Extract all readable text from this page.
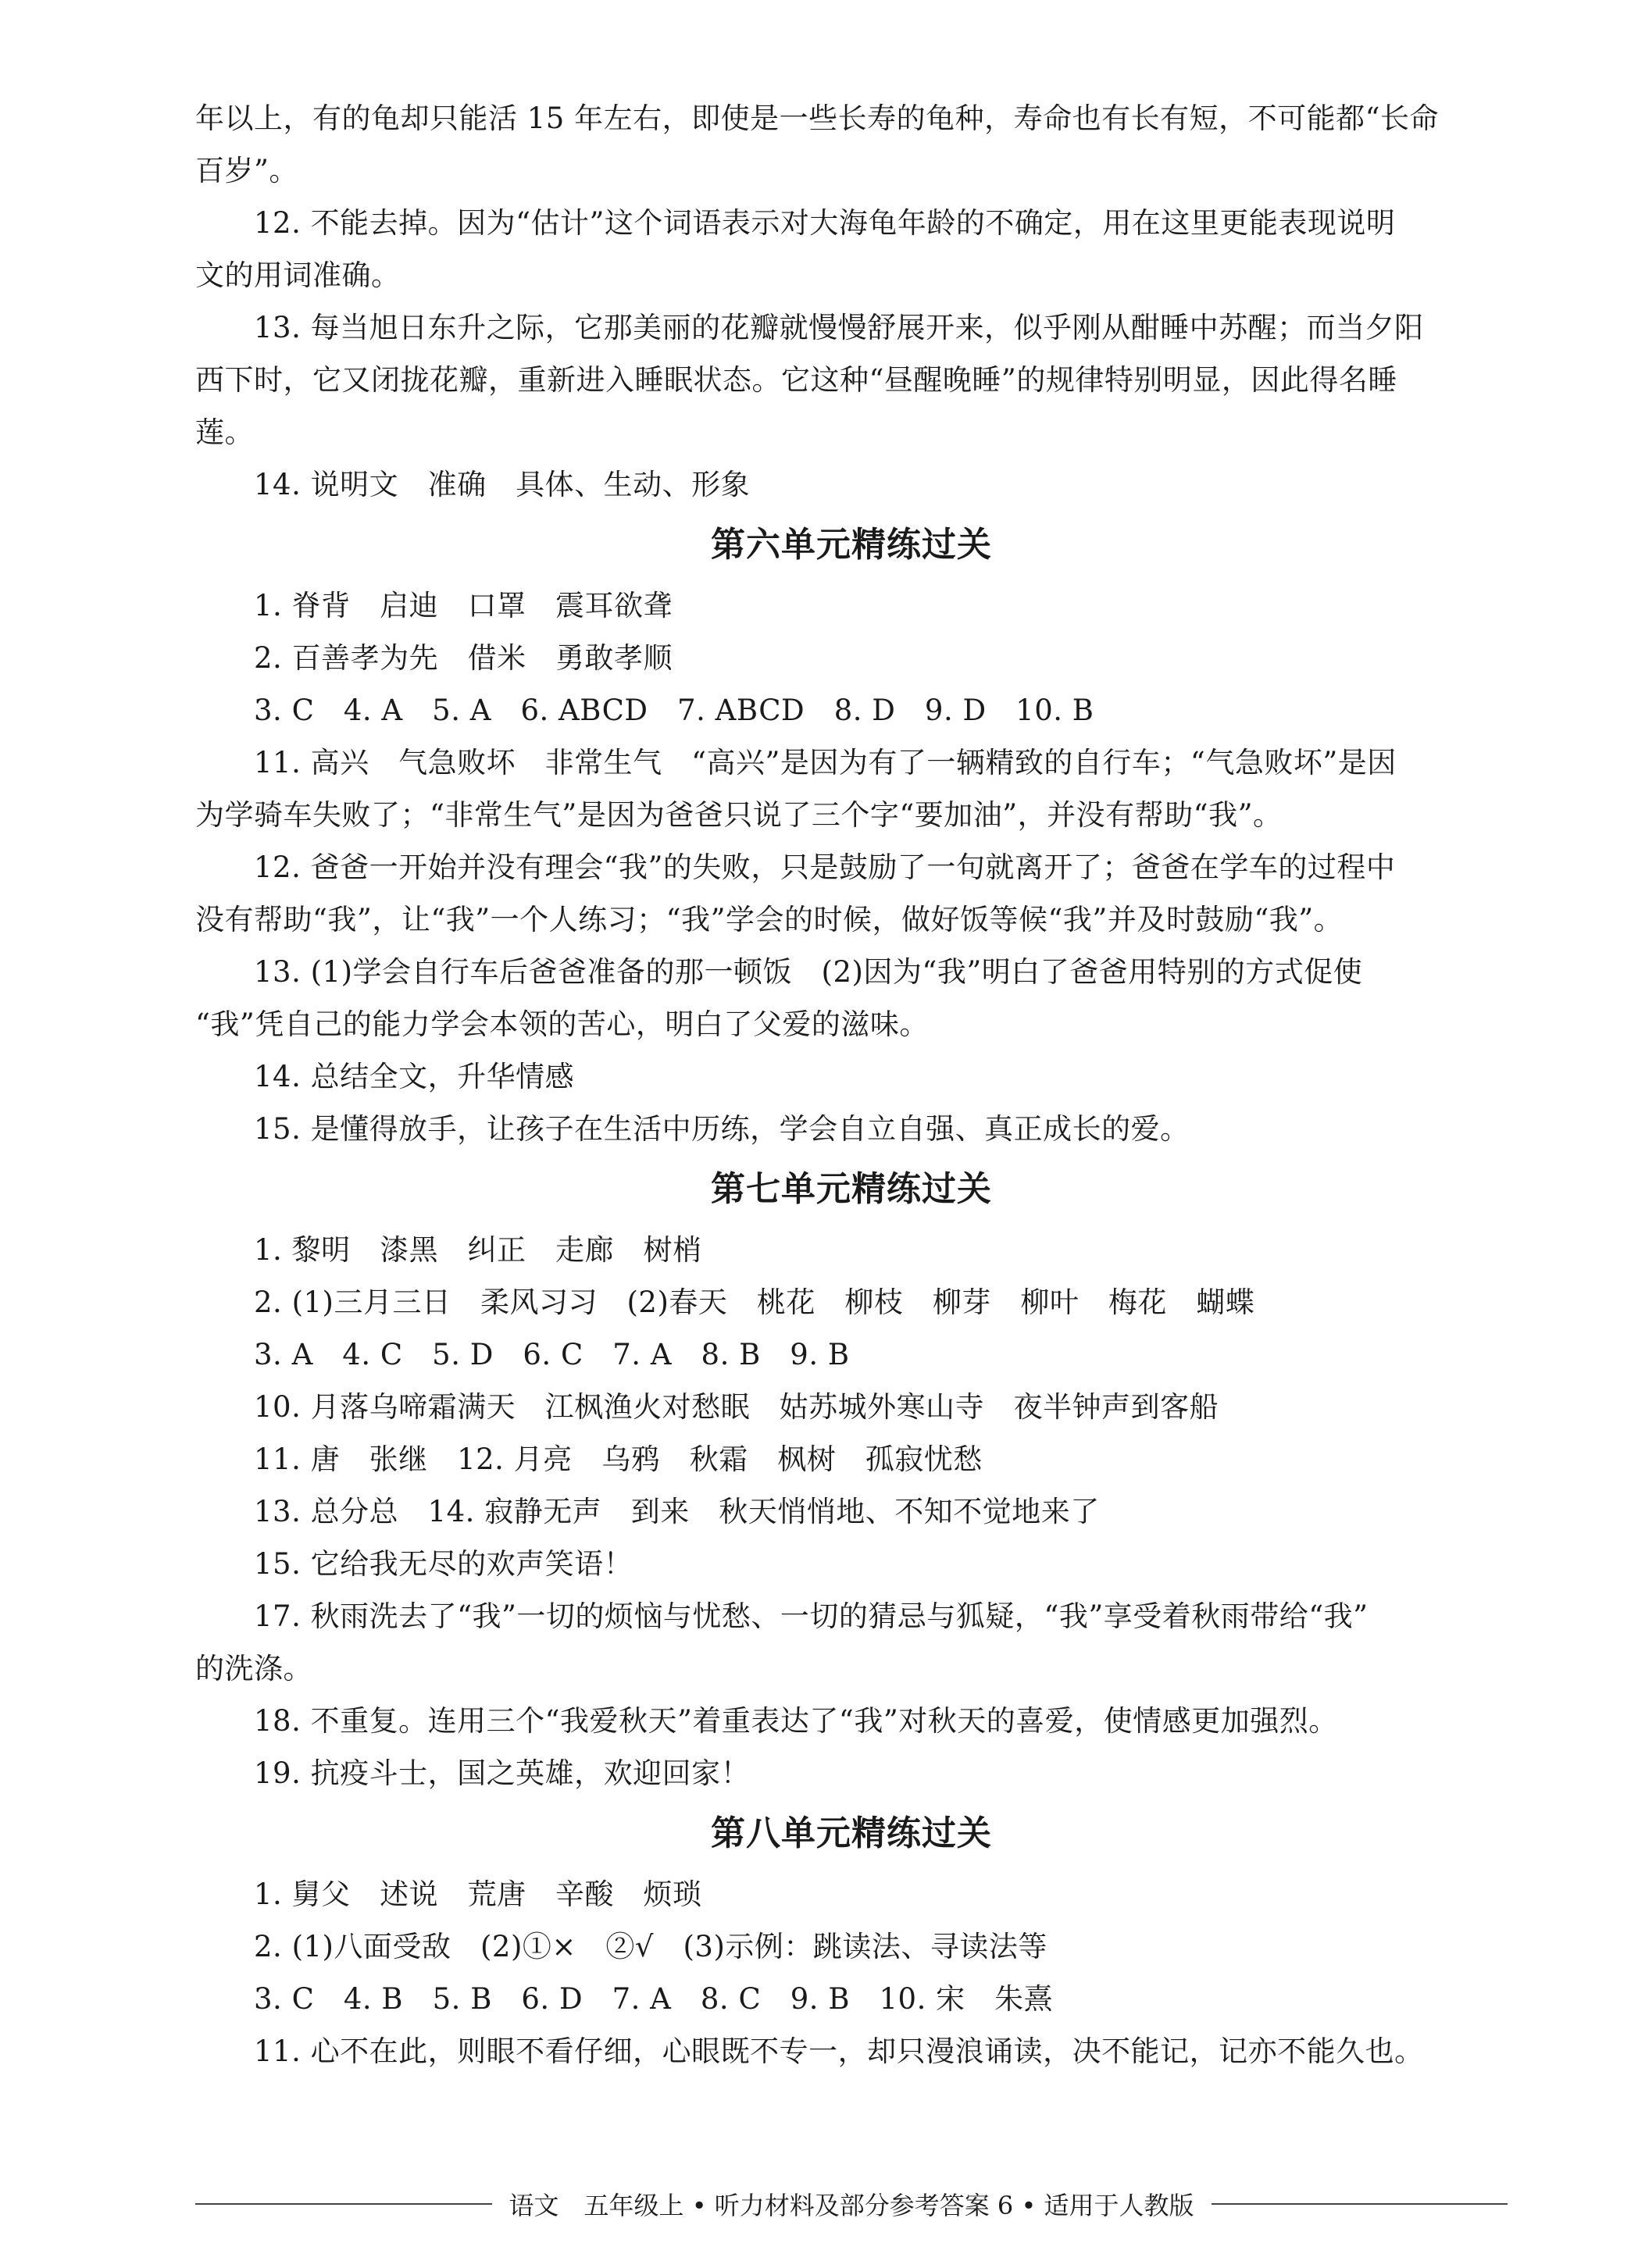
年以上，有的龟却只能活 15 年左右，即使是一些长寿的龟种，寿命也有长有短，不可能都“长命
百岁”。
12. 不能去掉。因为“估计”这个词语表示对大海龟年龄的不确定，用在这里更能表现说明
文的用词准确。
13. 每当旭日东升之际，它那美丽的花瓣就慢慢舒展开来，似乎刚从酣睡中苏醒；而当夕阳
西下时，它又闭拢花瓣，重新进入睡眠状态。它这种“昼醒晚睡”的规律特别明显，因此得名睡
莲。
14. 说明文　准确　具体、生动、形象
第六单元精练过关
1. 脊背　启迪　口罩　震耳欲聋
2. 百善孝为先　借米　勇敢孝顺
3. C　4. A　5. A　6. ABCD　7. ABCD　8. D　9. D　10. B
11. 高兴　气急败坏　非常生气　“高兴”是因为有了一辆精致的自行车；“气急败坏”是因
为学骑车失败了；“非常生气”是因为爸爸只说了三个字“要加油”，并没有帮助“我”。
12. 爸爸一开始并没有理会“我”的失败，只是鼓励了一句就离开了；爸爸在学车的过程中
没有帮助“我”，让“我”一个人练习；“我”学会的时候，做好饭等候“我”并及时鼓励“我”。
13. (1)学会自行车后爸爸准备的那一顿饭　(2)因为“我”明白了爸爸用特别的方式促使
“我”凭自己的能力学会本领的苦心，明白了父爱的滋味。
14. 总结全文，升华情感
15. 是懂得放手，让孩子在生活中历练，学会自立自强、真正成长的爱。
第七单元精练过关
1. 黎明　漆黑　纠正　走廊　树梢
2. (1)三月三日　柔风习习　(2)春天　桃花　柳枝　柳芽　柳叶　梅花　蝴蝶
3. A　4. C　5. D　6. C　7. A　8. B　9. B
10. 月落乌啼霜满天　江枫渔火对愁眠　姑苏城外寒山寺　夜半钟声到客船
11. 唐　张继　12. 月亮　乌鸦　秋霜　枫树　孤寂忧愁
13. 总分总　14. 寂静无声　到来　秋天悄悄地、不知不觉地来了
15. 它给我无尽的欢声笑语！
17. 秋雨洗去了“我”一切的烦恼与忧愁、一切的猜忌与狐疑，“我”享受着秋雨带给“我”
的洗涤。
18. 不重复。连用三个“我爱秋天”着重表达了“我”对秋天的喜爱，使情感更加强烈。
19. 抗疫斗士，国之英雄，欢迎回家！
第八单元精练过关
1. 舅父　述说　荒唐　辛酸　烦琐
2. (1)八面受敌　(2)①×　②√　(3)示例：跳读法、寻读法等
3. C　4. B　5. B　6. D　7. A　8. C　9. B　10. 宋　朱熹
11. 心不在此，则眼不看仔细，心眼既不专一，却只漫浪诵读，决不能记，记亦不能久也。
语文　五年级上 • 听力材料及部分参考答案 6 • 适用于人教版
